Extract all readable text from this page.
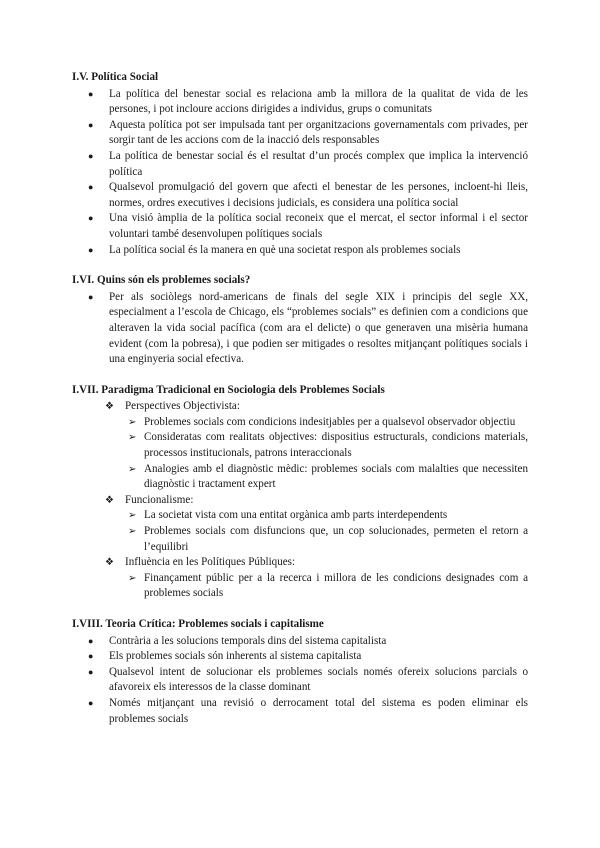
I.V. Política Social
● La política del benestar social es relaciona amb la millora de la qualitat de vida de les persones, i pot incloure accions dirigides a individus, grups o comunitats
● Aquesta política pot ser impulsada tant per organitzacions governamentals com privades, per sorgir tant de les accions com de la inacció dels responsables
● La política de benestar social és el resultat d’un procés complex que implica la intervenció política
● Qualsevol promulgació del govern que afecti el benestar de les persones, incloent-hi lleis, normes, ordres executives i decisions judicials, es considera una política social
● Una visió àmplia de la política social reconeix que el mercat, el sector informal i el sector voluntari també desenvolupen polítiques socials
● La política social és la manera en què una societat respon als problemes socials
I.VI. Quins són els problemes socials?
● Per als sociòlegs nord-americans de finals del segle XIX i principis del segle XX, especialment a l’escola de Chicago, els “problemes socials” es definien com a condicions que alteraven la vida social pacífica (com ara el delicte) o que generaven una misèria humana evident (com la pobresa), i que podien ser mitigades o resoltes mitjançant polítiques socials i una enginyeria social efectiva.
I.VII. Paradigma Tradicional en Sociologia dels Problemes Socials
❖ Perspectives Objectivista:
➢ Problemes socials com condicions indesitjables per a qualsevol observador objectiu
➢ Consideratas com realitats objectives: dispositius estructurals, condicions materials, processos institucionals, patrons interaccionals
➢ Analogies amb el diagnòstic mèdic: problemes socials com malalties que necessiten diagnòstic i tractament expert
❖ Funcionalisme:
➢ La societat vista com una entitat orgànica amb parts interdependents
➢ Problemes socials com disfuncions que, un cop solucionades, permeten el retorn a l’equilibri
❖ Influència en les Polítiques Públiques:
➢ Finançament públic per a la recerca i millora de les condicions designades com a problemes socials
I.VIII. Teoria Crítica: Problemes socials i capitalisme
● Contrària a les solucions temporals dins del sistema capitalista
● Els problemes socials són inherents al sistema capitalista
● Qualsevol intent de solucionar els problemes socials només ofereix solucions parcials o afavoreix els interessos de la classe dominant
● Només mitjançant una revisió o derrocament total del sistema es poden eliminar els problemes socials
